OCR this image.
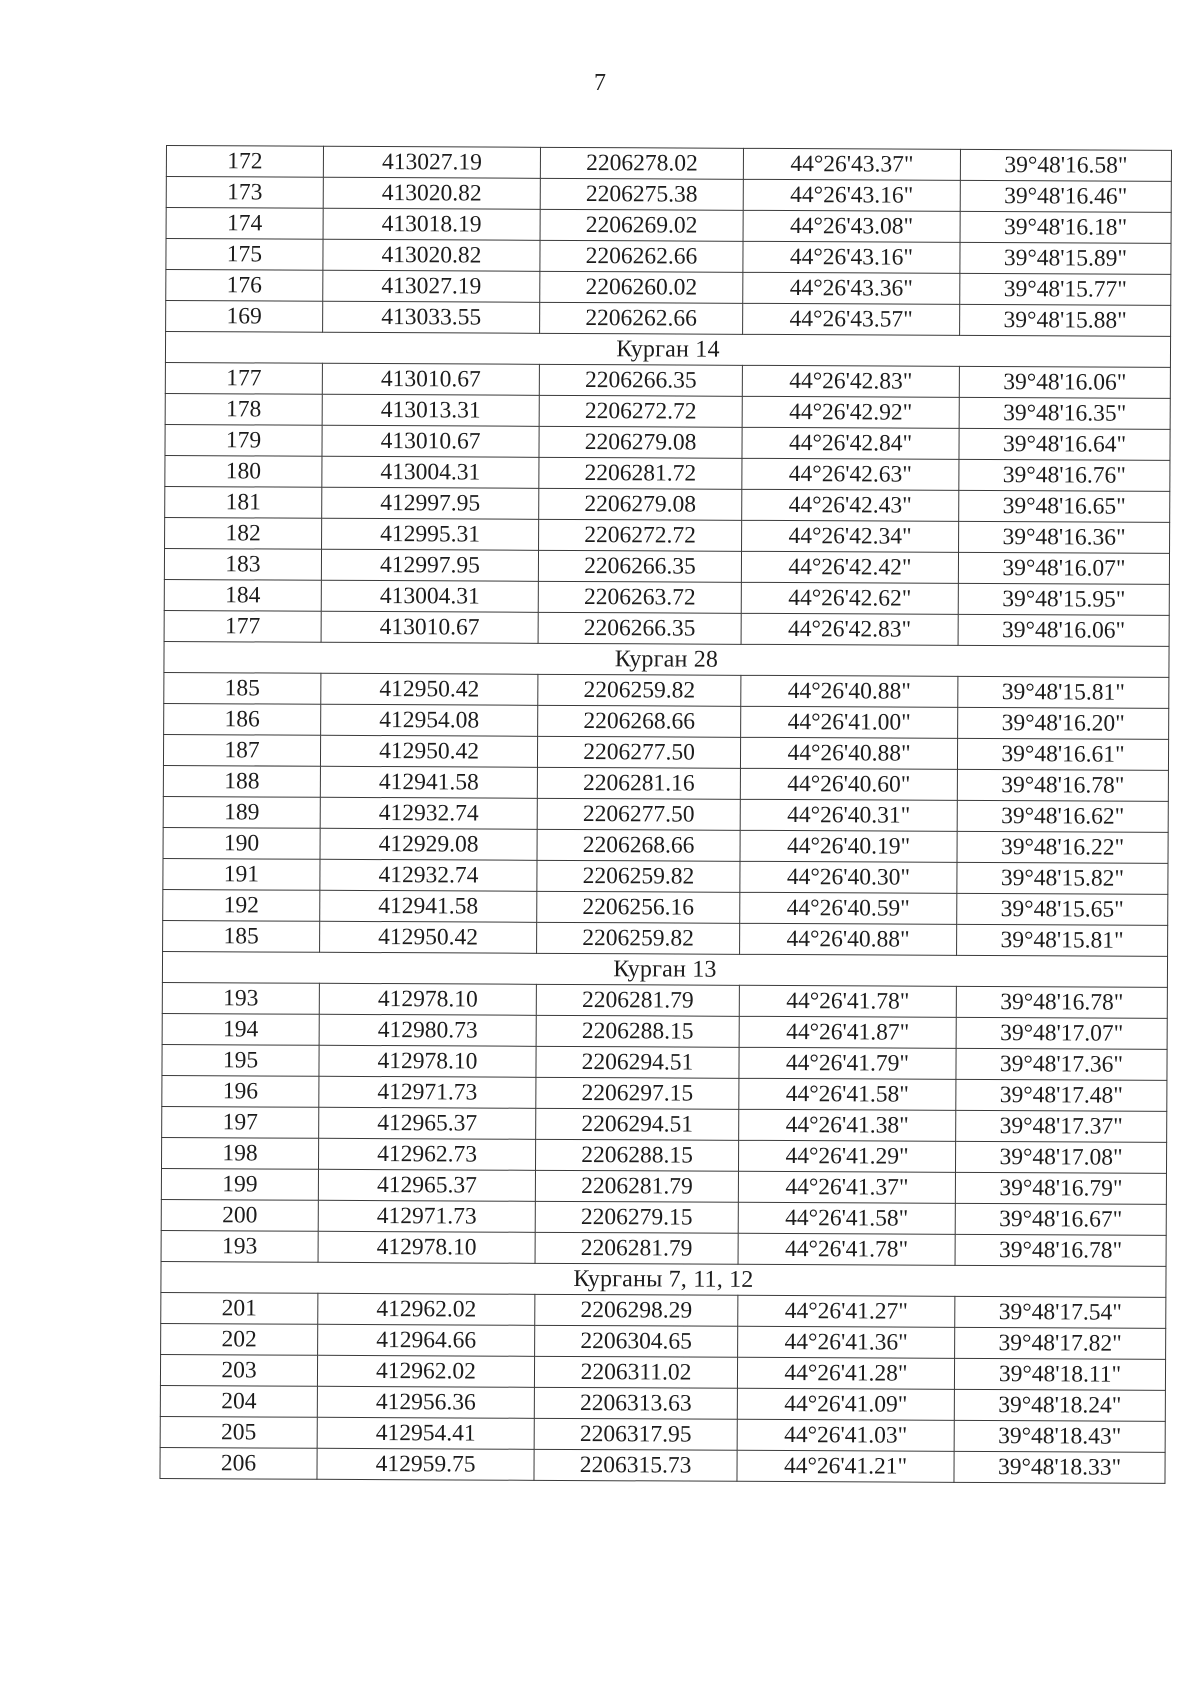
7
172	413027.19	2206278.02	44°26'43.37"	39°48'16.58"
173	413020.82	2206275.38	44°26'43.16"	39°48'16.46"
174	413018.19	2206269.02	44°26'43.08"	39°48'16.18"
175	413020.82	2206262.66	44°26'43.16"	39°48'15.89"
176	413027.19	2206260.02	44°26'43.36"	39°48'15.77"
169	413033.55	2206262.66	44°26'43.57"	39°48'15.88"
Курган 14				
177	413010.67	2206266.35	44°26'42.83"	39°48'16.06"
178	413013.31	2206272.72	44°26'42.92"	39°48'16.35"
179	413010.67	2206279.08	44°26'42.84"	39°48'16.64"
180	413004.31	2206281.72	44°26'42.63"	39°48'16.76"
181	412997.95	2206279.08	44°26'42.43"	39°48'16.65"
182	412995.31	2206272.72	44°26'42.34"	39°48'16.36"
183	412997.95	2206266.35	44°26'42.42"	39°48'16.07"
184	413004.31	2206263.72	44°26'42.62"	39°48'15.95"
177	413010.67	2206266.35	44°26'42.83"	39°48'16.06"
Курган 28				
185	412950.42	2206259.82	44°26'40.88"	39°48'15.81"
186	412954.08	2206268.66	44°26'41.00"	39°48'16.20"
187	412950.42	2206277.50	44°26'40.88"	39°48'16.61"
188	412941.58	2206281.16	44°26'40.60"	39°48'16.78"
189	412932.74	2206277.50	44°26'40.31"	39°48'16.62"
190	412929.08	2206268.66	44°26'40.19"	39°48'16.22"
191	412932.74	2206259.82	44°26'40.30"	39°48'15.82"
192	412941.58	2206256.16	44°26'40.59"	39°48'15.65"
185	412950.42	2206259.82	44°26'40.88"	39°48'15.81"
Курган 13				
193	412978.10	2206281.79	44°26'41.78"	39°48'16.78"
194	412980.73	2206288.15	44°26'41.87"	39°48'17.07"
195	412978.10	2206294.51	44°26'41.79"	39°48'17.36"
196	412971.73	2206297.15	44°26'41.58"	39°48'17.48"
197	412965.37	2206294.51	44°26'41.38"	39°48'17.37"
198	412962.73	2206288.15	44°26'41.29"	39°48'17.08"
199	412965.37	2206281.79	44°26'41.37"	39°48'16.79"
200	412971.73	2206279.15	44°26'41.58"	39°48'16.67"
193	412978.10	2206281.79	44°26'41.78"	39°48'16.78"
Курганы 7, 11, 12				
201	412962.02	2206298.29	44°26'41.27"	39°48'17.54"
202	412964.66	2206304.65	44°26'41.36"	39°48'17.82"
203	412962.02	2206311.02	44°26'41.28"	39°48'18.11"
204	412956.36	2206313.63	44°26'41.09"	39°48'18.24"
205	412954.41	2206317.95	44°26'41.03"	39°48'18.43"
206	412959.75	2206315.73	44°26'41.21"	39°48'18.33"
